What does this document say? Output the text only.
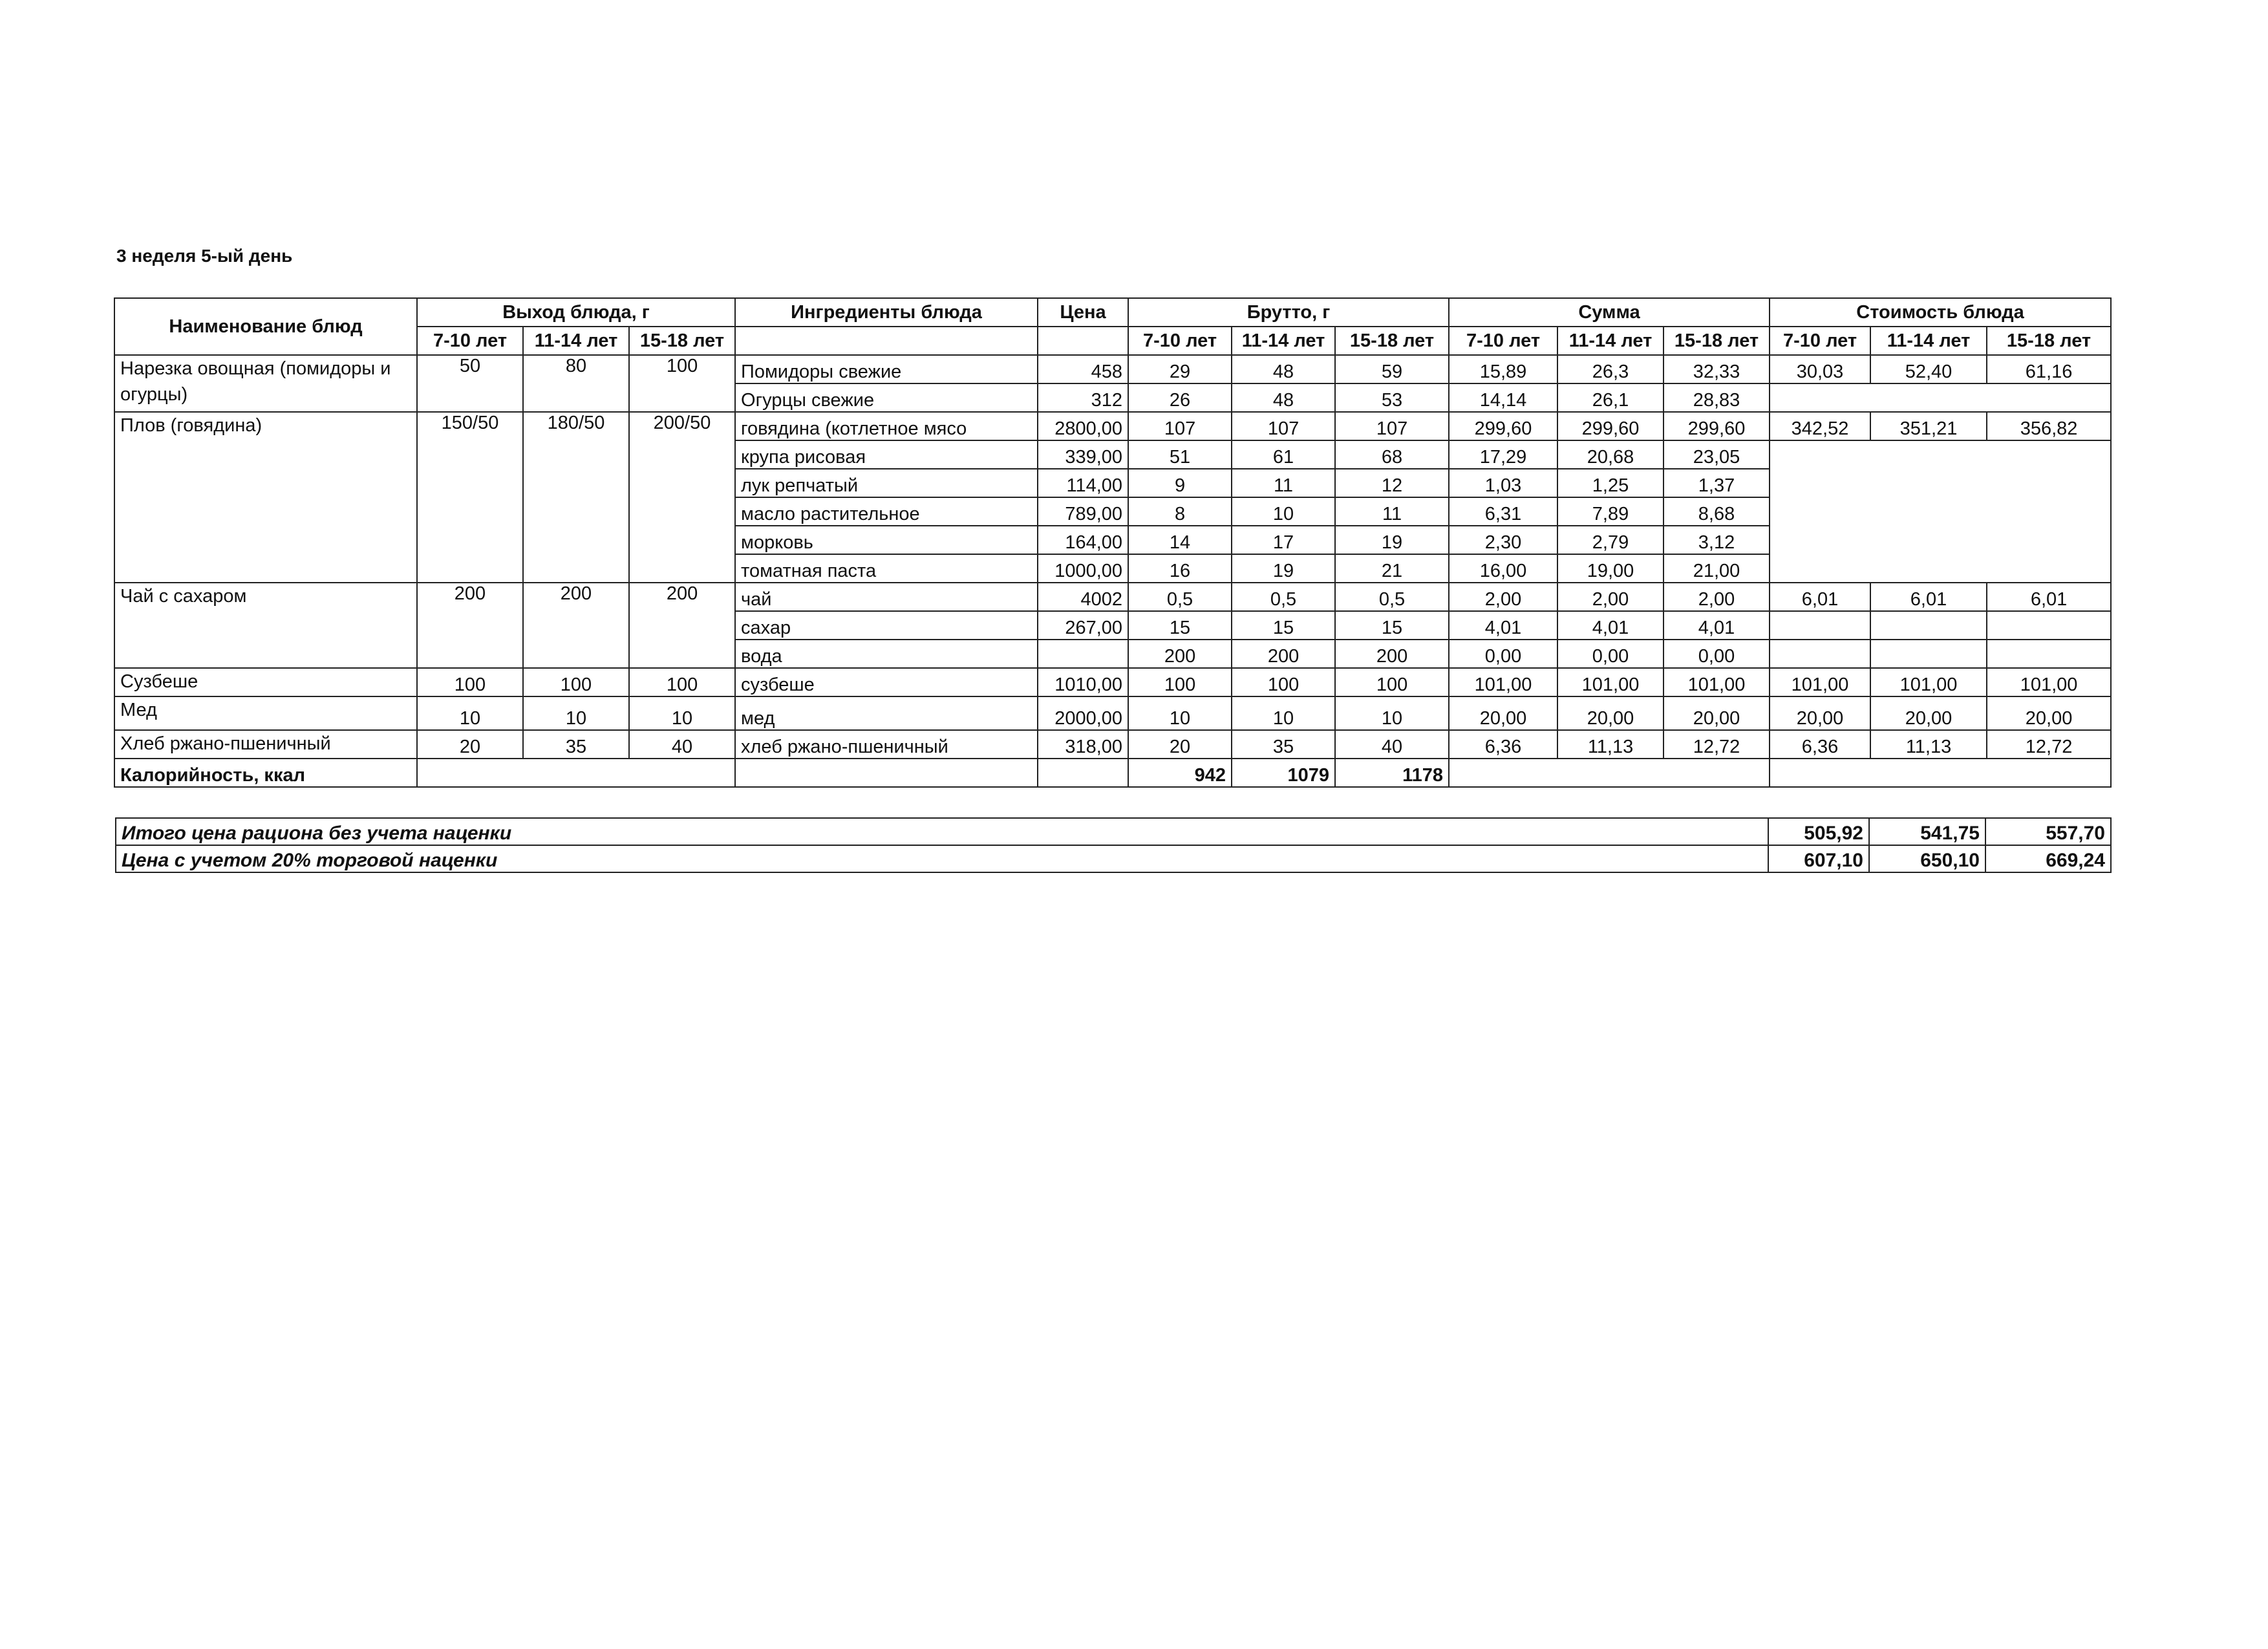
3 неделя 5-ый день
Наименование блюд	Выход блюда, г			Ингредиенты блюда	Цена	Брутто, г			Сумма			Стоимость блюда		
	7-10 лет	11-14 лет	15-18 лет			7-10 лет	11-14 лет	15-18 лет	7-10 лет	11-14 лет	15-18 лет	7-10 лет	11-14 лет	15-18 лет
Нарезка овощная (помидоры и огурцы)	50	80	100	Помидоры свежие	458	29	48	59	15,89	26,3	32,33	30,03	52,40	61,16
				Огурцы свежие	312	26	48	53	14,14	26,1	28,83			
Плов (говядина)	150/50	180/50	200/50	говядина (котлетное мясо	2800,00	107	107	107	299,60	299,60	299,60	342,52	351,21	356,82
				крупа рисовая	339,00	51	61	68	17,29	20,68	23,05			
				лук репчатый	114,00	9	11	12	1,03	1,25	1,37			
				масло растительное	789,00	8	10	11	6,31	7,89	8,68			
				морковь	164,00	14	17	19	2,30	2,79	3,12			
				томатная паста	1000,00	16	19	21	16,00	19,00	21,00			
Чай с сахаром	200	200	200	чай	4002	0,5	0,5	0,5	2,00	2,00	2,00	6,01	6,01	6,01
				сахар	267,00	15	15	15	4,01	4,01	4,01			
				вода		200	200	200	0,00	0,00	0,00			
Сузбеше	100	100	100	сузбеше	1010,00	100	100	100	101,00	101,00	101,00	101,00	101,00	101,00
Мед	10	10	10	мед	2000,00	10	10	10	20,00	20,00	20,00	20,00	20,00	20,00
Хлеб ржано-пшеничный	20	35	40	хлеб ржано-пшеничный	318,00	20	35	40	6,36	11,13	12,72	6,36	11,13	12,72
Калорийность, ккал						942	1079	1178						
Итого цена рациона без учета наценки	505,92	541,75	557,70
Цена с учетом 20% торговой наценки	607,10	650,10	669,24
